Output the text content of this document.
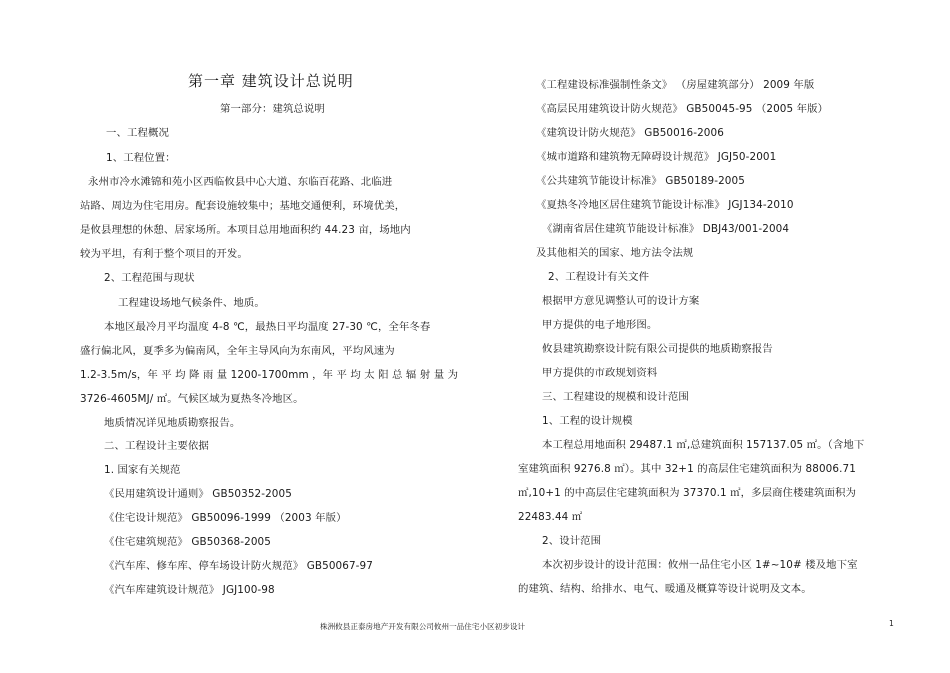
第一章 建筑设计总说明
第一部分：建筑总说明
一、工程概况
1、工程位置：
永州市冷水滩锦和苑小区西临攸县中心大道、东临百花路、北临进
站路、周边为住宅用房。配套设施较集中；基地交通便利，环境优美，
是攸县理想的休憩、居家场所。本项目总用地面积约 44.23 亩，场地内
较为平坦，有利于整个项目的开发。
2、工程范围与现状
工程建设场地气候条件、地质。
本地区最冷月平均温度 4-8 ℃，最热日平均温度 27-30 ℃，全年冬春
盛行偏北风，夏季多为偏南风，全年主导风向为东南风，平均风速为
1.2-3.5m/s，年 平 均 降 雨 量 1200-1700mm ，年 平 均 太 阳 总 辐 射 量 为
3726-4605MJ/ ㎡。气候区域为夏热冬冷地区。
地质情况详见地质勘察报告。
二、工程设计主要依据
1. 国家有关规范
《民用建筑设计通则》 GB50352-2005
《住宅设计规范》 GB50096-1999 （2003 年版）
《住宅建筑规范》 GB50368-2005
《汽车库、修车库、停车场设计防火规范》 GB50067-97
《汽车库建筑设计规范》 JGJ100-98
《工程建设标准强制性条文》 （房屋建筑部分） 2009 年版
《高层民用建筑设计防火规范》 GB50045-95 （2005 年版）
《建筑设计防火规范》 GB50016-2006
《城市道路和建筑物无障碍设计规范》 JGJ50-2001
《公共建筑节能设计标准》 GB50189-2005
《夏热冬冷地区居住建筑节能设计标准》 JGJ134-2010
《湖南省居住建筑节能设计标准》 DBJ43/001-2004
及其他相关的国家、地方法令法规
2、工程设计有关文件
根据甲方意见调整认可的设计方案
甲方提供的电子地形图。
攸县建筑勘察设计院有限公司提供的地质勘察报告
甲方提供的市政规划资料
三、工程建设的规模和设计范围
1、工程的设计规模
本工程总用地面积 29487.1 ㎡,总建筑面积 157137.05 ㎡。（含地下
室建筑面积 9276.8 ㎡）。其中 32+1 的高层住宅建筑面积为 88006.71
㎡,10+1 的中高层住宅建筑面积为 37370.1 ㎡，多层商住楼建筑面积为
22483.44 ㎡
2、设计范围
本次初步设计的设计范围：攸州一品住宅小区 1#~10# 楼及地下室
的建筑、结构、给排水、电气、暖通及概算等设计说明及文本。
株洲攸县正泰房地产开发有限公司攸州一品住宅小区初步设计	1
